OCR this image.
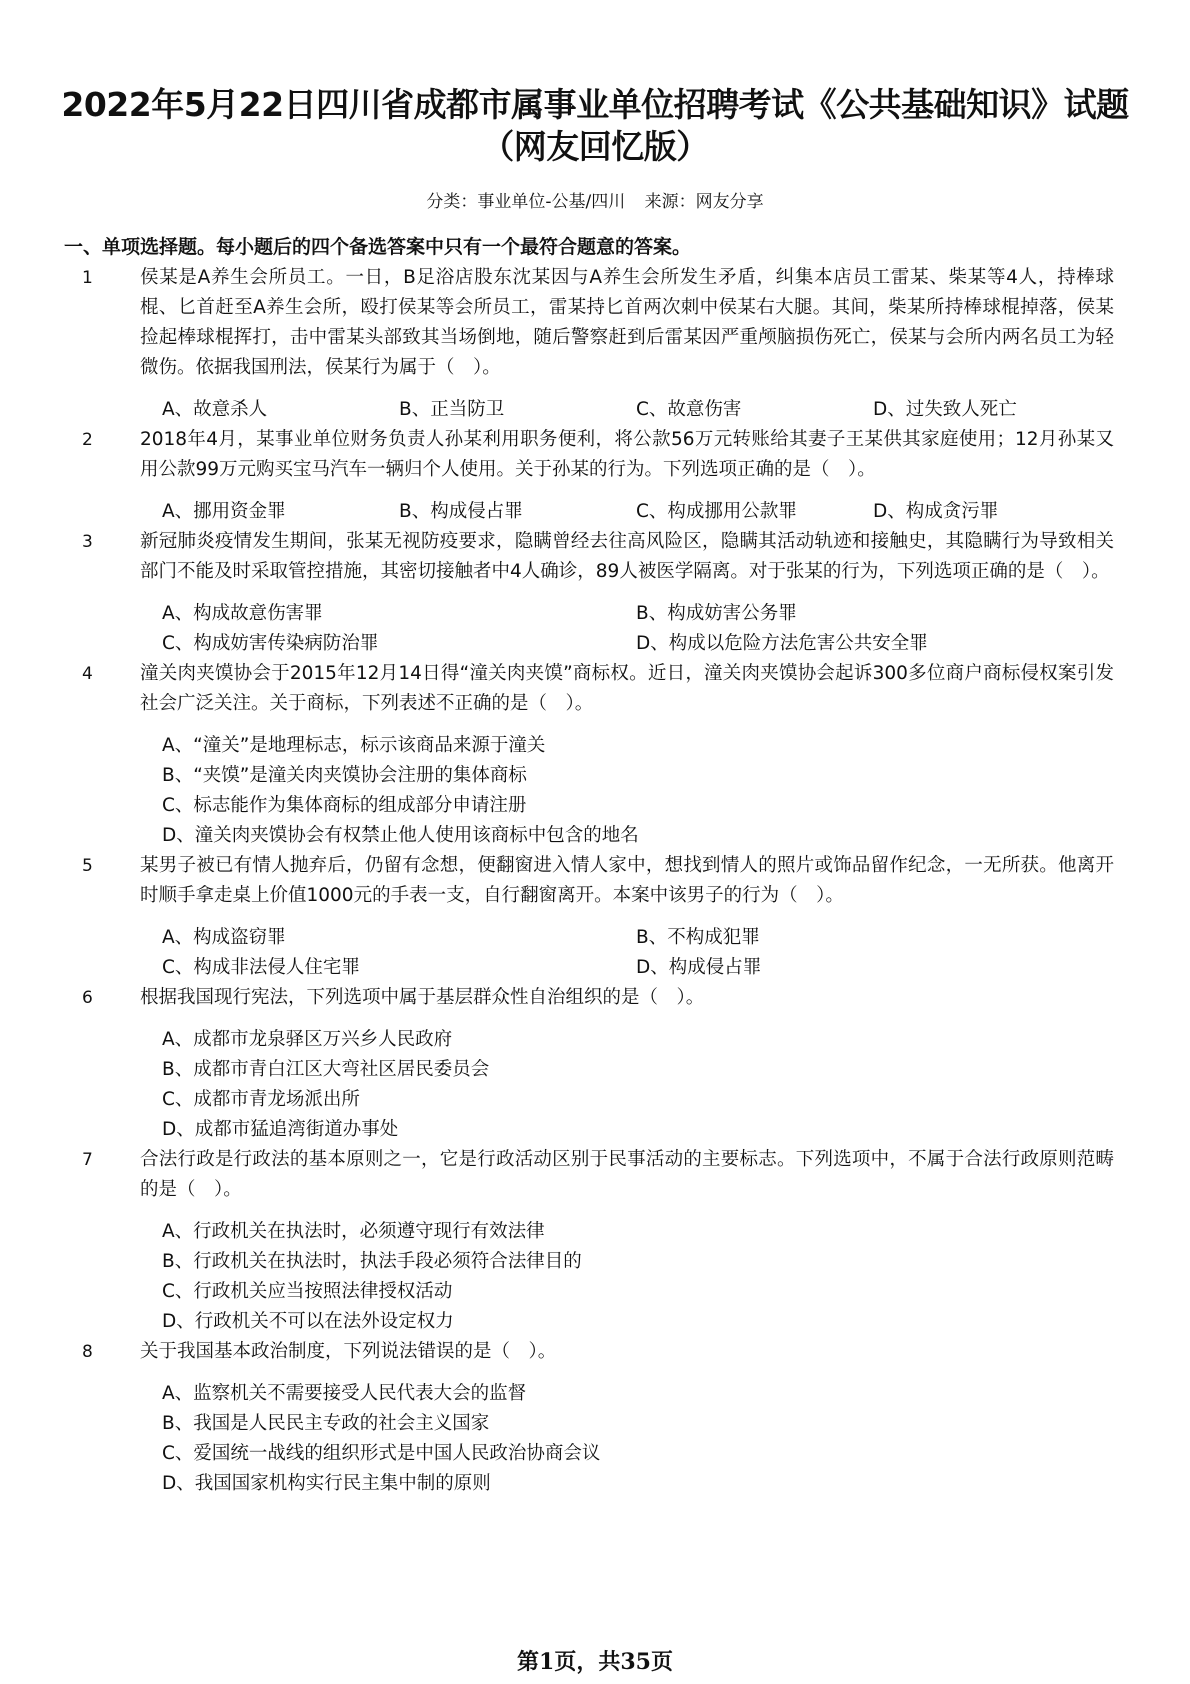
2022年5月22日四川省成都市属事业单位招聘考试《公共基础知识》试题（网友回忆版）
分类：事业单位-公基/四川 来源：网友分享
一、单项选择题。每小题后的四个备选答案中只有一个最符合题意的答案。
1	侯某是A养生会所员工。一日，B足浴店股东沈某因与A养生会所发生矛盾，纠集本店员工雷某、柴某等4人，持棒球棍、匕首赶至A养生会所，殴打侯某等会所员工，雷某持匕首两次刺中侯某右大腿。其间，柴某所持棒球棍掉落，侯某捡起棒球棍挥打，击中雷某头部致其当场倒地，随后警察赶到后雷某因严重颅脑损伤死亡，侯某与会所内两名员工为轻微伤。依据我国刑法，侯某行为属于（　）。
A、故意杀人	B、正当防卫	C、故意伤害	D、过失致人死亡
2	2018年4月，某事业单位财务负责人孙某利用职务便利，将公款56万元转账给其妻子王某供其家庭使用；12月孙某又用公款99万元购买宝马汽车一辆归个人使用。关于孙某的行为。下列选项正确的是（　）。
A、挪用资金罪	B、构成侵占罪	C、构成挪用公款罪	D、构成贪污罪
3	新冠肺炎疫情发生期间，张某无视防疫要求，隐瞒曾经去往高风险区，隐瞒其活动轨迹和接触史，其隐瞒行为导致相关部门不能及时采取管控措施，其密切接触者中4人确诊，89人被医学隔离。对于张某的行为，下列选项正确的是（　）。
A、构成故意伤害罪	B、构成妨害公务罪
C、构成妨害传染病防治罪	D、构成以危险方法危害公共安全罪
4	潼关肉夹馍协会于2015年12月14日得“潼关肉夹馍”商标权。近日，潼关肉夹馍协会起诉300多位商户商标侵权案引发社会广泛关注。关于商标，下列表述不正确的是（　）。
A、“潼关”是地理标志，标示该商品来源于潼关
B、“夹馍”是潼关肉夹馍协会注册的集体商标
C、标志能作为集体商标的组成部分申请注册
D、潼关肉夹馍协会有权禁止他人使用该商标中包含的地名
5	某男子被已有情人抛弃后，仍留有念想，便翻窗进入情人家中，想找到情人的照片或饰品留作纪念，一无所获。他离开时顺手拿走桌上价值1000元的手表一支，自行翻窗离开。本案中该男子的行为（　）。
A、构成盗窃罪	B、不构成犯罪
C、构成非法侵人住宅罪	D、构成侵占罪
6	根据我国现行宪法，下列选项中属于基层群众性自治组织的是（　）。
A、成都市龙泉驿区万兴乡人民政府
B、成都市青白江区大弯社区居民委员会
C、成都市青龙场派出所
D、成都市猛追湾街道办事处
7	合法行政是行政法的基本原则之一，它是行政活动区别于民事活动的主要标志。下列选项中，不属于合法行政原则范畴的是（　）。
A、行政机关在执法时，必须遵守现行有效法律
B、行政机关在执法时，执法手段必须符合法律目的
C、行政机关应当按照法律授权活动
D、行政机关不可以在法外设定权力
8	关于我国基本政治制度，下列说法错误的是（　）。
A、监察机关不需要接受人民代表大会的监督
B、我国是人民民主专政的社会主义国家
C、爱国统一战线的组织形式是中国人民政治协商会议
D、我国国家机构实行民主集中制的原则
第1页，共35页
